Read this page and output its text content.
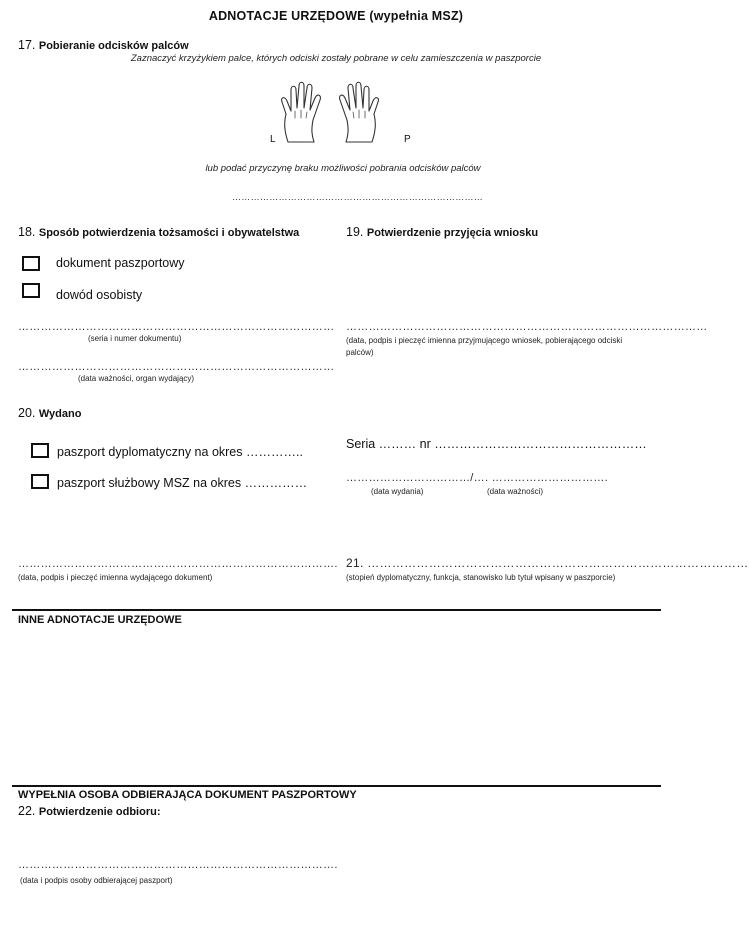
ADNOTACJE URZĘDOWE (wypełnia MSZ)
17. Pobieranie odcisków palców
Zaznaczyć krzyżykiem palce, których odciski zostały pobrane w celu zamieszczenia w paszporcie
L	P
lub podać przyczynę braku możliwości pobrania odcisków palców
………………………………………………………………………
18. Sposób potwierdzenia tożsamości i obywatelstwa
dokument paszportowy
dowód osobisty
…………………………………………………………………………
(seria i numer dokumentu)
…………………………………………………………………………
(data ważności, organ wydający)
19. Potwierdzenie przyjęcia wniosku
……………………………………………………………………………………
(data, podpis i pieczęć imienna przyjmującego wniosek, pobierającego odciski
palców)
20. Wydano
paszport dyplomatyczny na okres …………..
paszport służbowy MSZ na okres ……………
Seria ……… nr ……………………………………………
……………………………/…. ………………………….
(data wydania)	(data ważności)
………………………………………………………………………….
(data, podpis i pieczęć imienna wydającego dokument)
21. …………………………………………………………………………………
(stopień dyplomatyczny, funkcja, stanowisko lub tytuł wpisany w paszporcie)
INNE ADNOTACJE URZĘDOWE
WYPEŁNIA OSOBA ODBIERAJĄCA DOKUMENT PASZPORTOWY
22. Potwierdzenie odbioru:
………………………………………………………………………….
(data i podpis osoby odbierającej paszport)
